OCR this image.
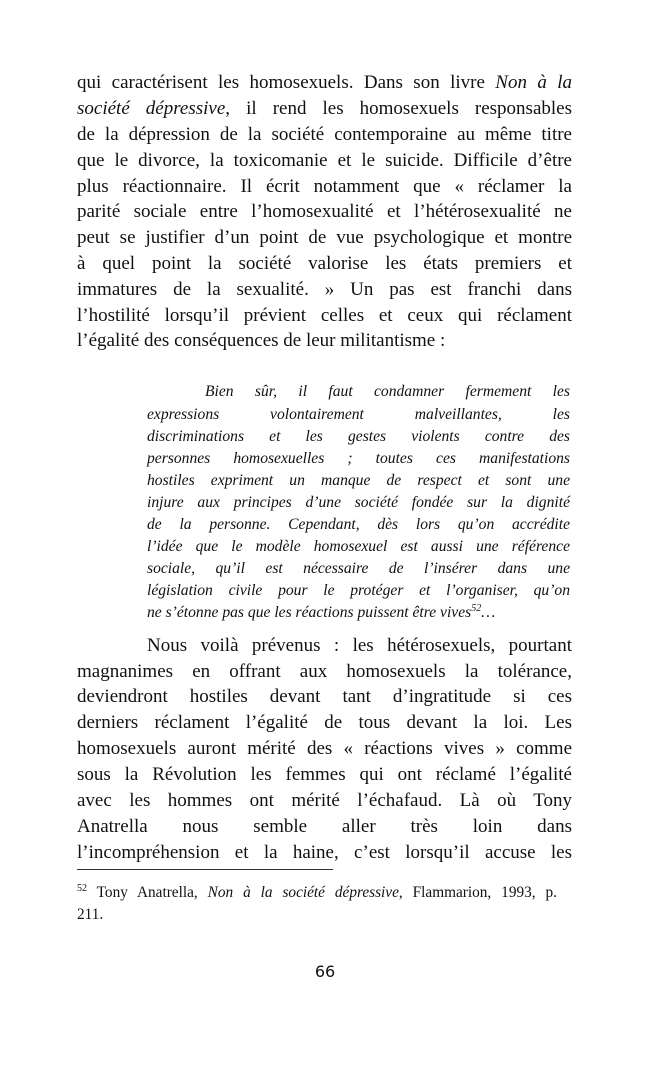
qui caractérisent les homosexuels. Dans son livre Non à la
société dépressive, il rend les homosexuels responsables
de la dépression de la société contemporaine au même titre
que le divorce, la toxicomanie et le suicide. Difficile d’être
plus réactionnaire. Il écrit notamment que « réclamer la
parité sociale entre l’homosexualité et l’hétérosexualité ne
peut se justifier d’un point de vue psychologique et montre
à quel point la société valorise les états premiers et
immatures de la sexualité. » Un pas est franchi dans
l’hostilité lorsqu’il prévient celles et ceux qui réclament
l’égalité des conséquences de leur militantisme :
Bien sûr, il faut condamner fermement les
expressions volontairement malveillantes, les
discriminations et les gestes violents contre des
personnes homosexuelles ; toutes ces manifestations
hostiles expriment un manque de respect et sont une
injure aux principes d’une société fondée sur la dignité
de la personne. Cependant, dès lors qu’on accrédite
l’idée que le modèle homosexuel est aussi une référence
sociale, qu’il est nécessaire de l’insérer dans une
législation civile pour le protéger et l’organiser, qu’on
ne s’étonne pas que les réactions puissent être vives$^{52}$…
Nous voilà prévenus : les hétérosexuels, pourtant
magnanimes en offrant aux homosexuels la tolérance,
deviendront hostiles devant tant d’ingratitude si ces
derniers réclament l’égalité de tous devant la loi. Les
homosexuels auront mérité des « réactions vives » comme
sous la Révolution les femmes qui ont réclamé l’égalité
avec les hommes ont mérité l’échafaud. Là où Tony
Anatrella nous semble aller très loin dans
l’incompréhension et la haine, c’est lorsqu’il accuse les
$^{52}$ Tony Anatrella, Non à la société dépressive, Flammarion, 1993, p.
211.
66
